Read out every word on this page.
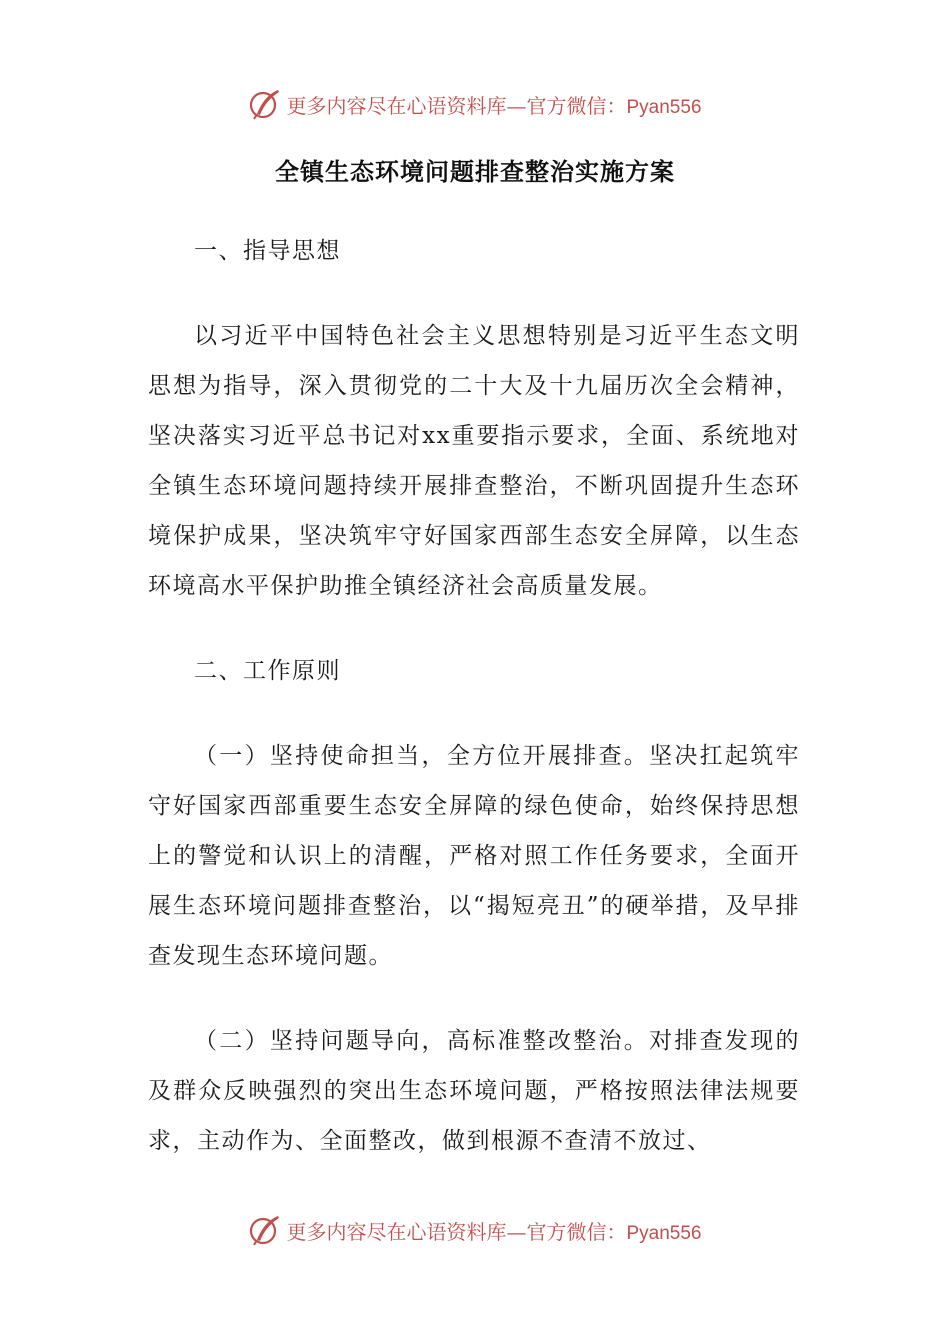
更多内容尽在心语资料库—官方微信：Pyan556
全镇生态环境问题排查整治实施方案

一、指导思想

以习近平中国特色社会主义思想特别是习近平生态文明思想为指导，深入贯彻党的二十大及十九届历次全会精神，坚决落实习近平总书记对xx重要指示要求，全面、系统地对全镇生态环境问题持续开展排查整治，不断巩固提升生态环境保护成果，坚决筑牢守好国家西部生态安全屏障，以生态环境高水平保护助推全镇经济社会高质量发展。

二、工作原则

（一）坚持使命担当，全方位开展排查。坚决扛起筑牢守好国家西部重要生态安全屏障的绿色使命，始终保持思想上的警觉和认识上的清醒，严格对照工作任务要求，全面开展生态环境问题排查整治，以“揭短亮丑”的硬举措，及早排查发现生态环境问题。

（二）坚持问题导向，高标准整改整治。对排查发现的及群众反映强烈的突出生态环境问题，严格按照法律法规要求，主动作为、全面整改，做到根源不查清不放过、

更多内容尽在心语资料库—官方微信：Pyan556
